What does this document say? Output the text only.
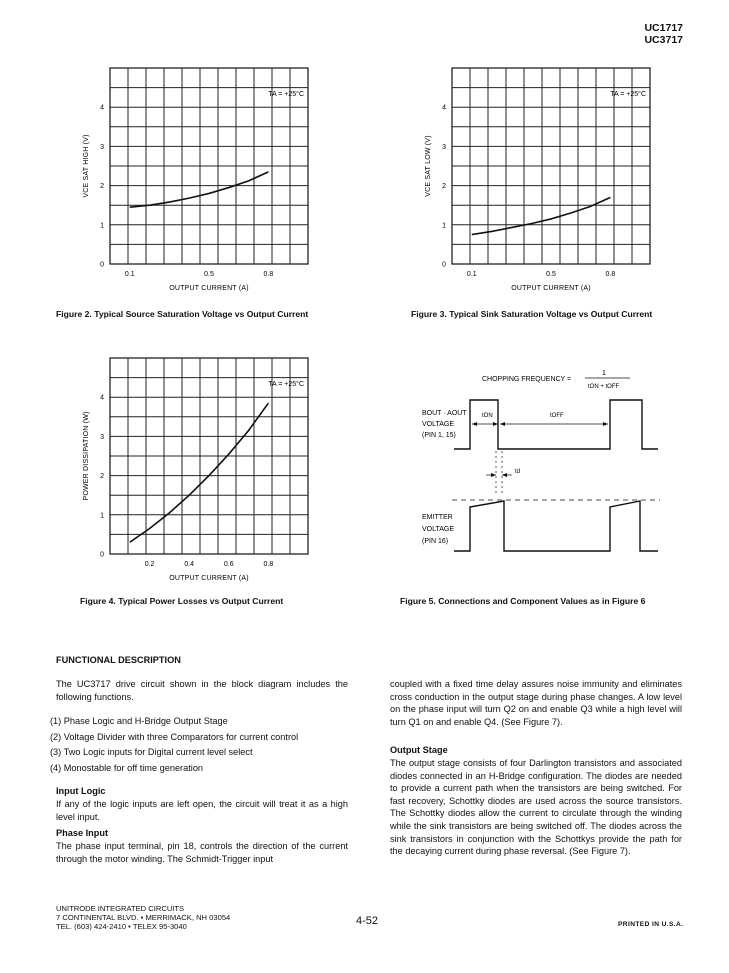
UC1717
UC3717
0
1
2
3
4
0.1	0.5	0.8
OUTPUT CURRENT (A)
VCE SAT HIGH (V)
TA = +25°C
Figure 2. Typical Source Saturation Voltage vs Output Current
0
1
2
3
4
0.1	0.5	0.8
OUTPUT CURRENT (A)
VCE SAT LOW (V)
TA = +25°C
Figure 3. Typical Sink Saturation Voltage vs Output Current
0
1
2
3
4
0.2	0.4	0.6	0.8
OUTPUT CURRENT (A)
POWER DISSIPATION (W)
TA = +25°C
Figure 4. Typical Power Losses vs Output Current
CHOPPING FREQUENCY =
1
tON + tOFF
BOUT · AOUT
VOLTAGE
(PIN 1, 15)
tON	tOFF
td
EMITTER
VOLTAGE
(PIN 16)
Figure 5. Connections and Component Values as in Figure 6
FUNCTIONAL DESCRIPTION
The UC3717 drive circuit shown in the block diagram includes the following functions.
(1) Phase Logic and H-Bridge Output Stage
(2) Voltage Divider with three Comparators for current control
(3) Two Logic inputs for Digital current level select
(4) Monostable for off time generation
Input Logic
If any of the logic inputs are left open, the circuit will treat it as a high level input.
Phase Input
The phase input terminal, pin 18, controls the direction of the current through the motor winding. The Schmidt-Trigger input
coupled with a fixed time delay assures noise immunity and eliminates cross conduction in the output stage during phase changes. A low level on the phase input will turn Q2 on and enable Q3 while a high level will turn Q1 on and enable Q4. (See Figure 7).
Output Stage
The output stage consists of four Darlington transistors and associated diodes connected in an H-Bridge configuration. The diodes are needed to provide a current path when the transistors are being switched. For fast recovery, Schottky diodes are used across the source transistors. The Schottky diodes allow the current to circulate through the winding while the sink transistors are being switched off. The diodes across the sink transistors in conjunction with the Schottkys provide the path for the decaying current during phase reversal. (See Figure 7).
UNITRODE INTEGRATED CIRCUITS
7 CONTINENTAL BLVD. • MERRIMACK, NH 03054
TEL. (603) 424-2410 • TELEX 95-3040	4-52	PRINTED IN U.S.A.
